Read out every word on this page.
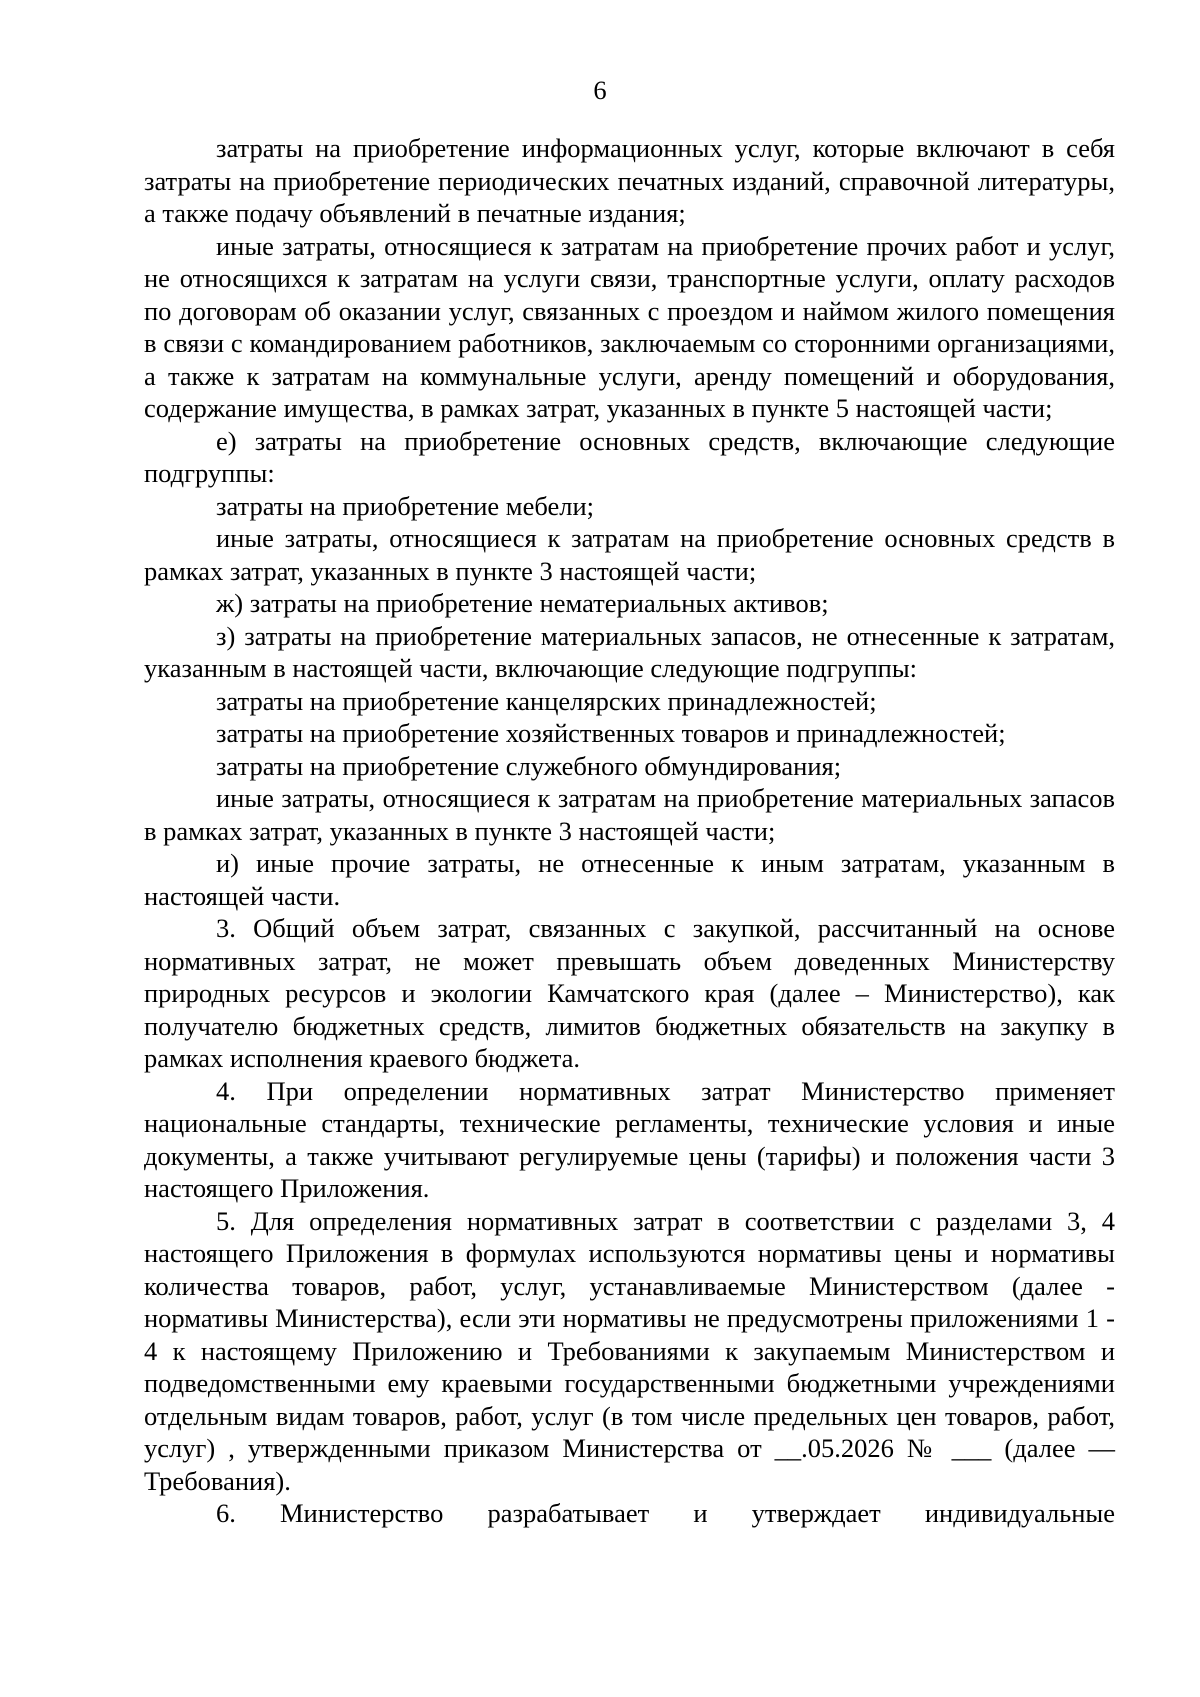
6

затраты на приобретение информационных услуг, которые включают в себя затраты на приобретение периодических печатных изданий, справочной литературы, а также подачу объявлений в печатные издания;

иные затраты, относящиеся к затратам на приобретение прочих работ и услуг, не относящихся к затратам на услуги связи, транспортные услуги, оплату расходов по договорам об оказании услуг, связанных с проездом и наймом жилого помещения в связи с командированием работников, заключаемым со сторонними организациями, а также к затратам на коммунальные услуги, аренду помещений и оборудования, содержание имущества, в рамках затрат, указанных в пункте 5 настоящей части;

е) затраты на приобретение основных средств, включающие следующие подгруппы:

затраты на приобретение мебели;

иные затраты, относящиеся к затратам на приобретение основных средств в рамках затрат, указанных в пункте 3 настоящей части;

ж) затраты на приобретение нематериальных активов;

з) затраты на приобретение материальных запасов, не отнесенные к затратам, указанным в настоящей части, включающие следующие подгруппы:

затраты на приобретение канцелярских принадлежностей;

затраты на приобретение хозяйственных товаров и принадлежностей;

затраты на приобретение служебного обмундирования;

иные затраты, относящиеся к затратам на приобретение материальных запасов в рамках затрат, указанных в пункте 3 настоящей части;

и) иные прочие затраты, не отнесенные к иным затратам, указанным в настоящей части.

3. Общий объем затрат, связанных с закупкой, рассчитанный на основе нормативных затрат, не может превышать объем доведенных Министерству природных ресурсов и экологии Камчатского края (далее – Министерство), как получателю бюджетных средств, лимитов бюджетных обязательств на закупку в рамках исполнения краевого бюджета.

4. При определении нормативных затрат Министерство применяет национальные стандарты, технические регламенты, технические условия и иные документы, а также учитывают регулируемые цены (тарифы) и положения части 3 настоящего Приложения.

5. Для определения нормативных затрат в соответствии с разделами 3, 4 настоящего Приложения в формулах используются нормативы цены и нормативы количества товаров, работ, услуг, устанавливаемые Министерством (далее - нормативы Министерства), если эти нормативы не предусмотрены приложениями 1 - 4 к настоящему Приложению и Требованиями к закупаемым Министерством и подведомственными ему краевыми государственными бюджетными учреждениями отдельным видам товаров, работ, услуг (в том числе предельных цен товаров, работ, услуг) , утвержденными приказом Министерства от __.05.2026 № ___ (далее — Требования).

6. Министерство разрабатывает и утверждает индивидуальные
